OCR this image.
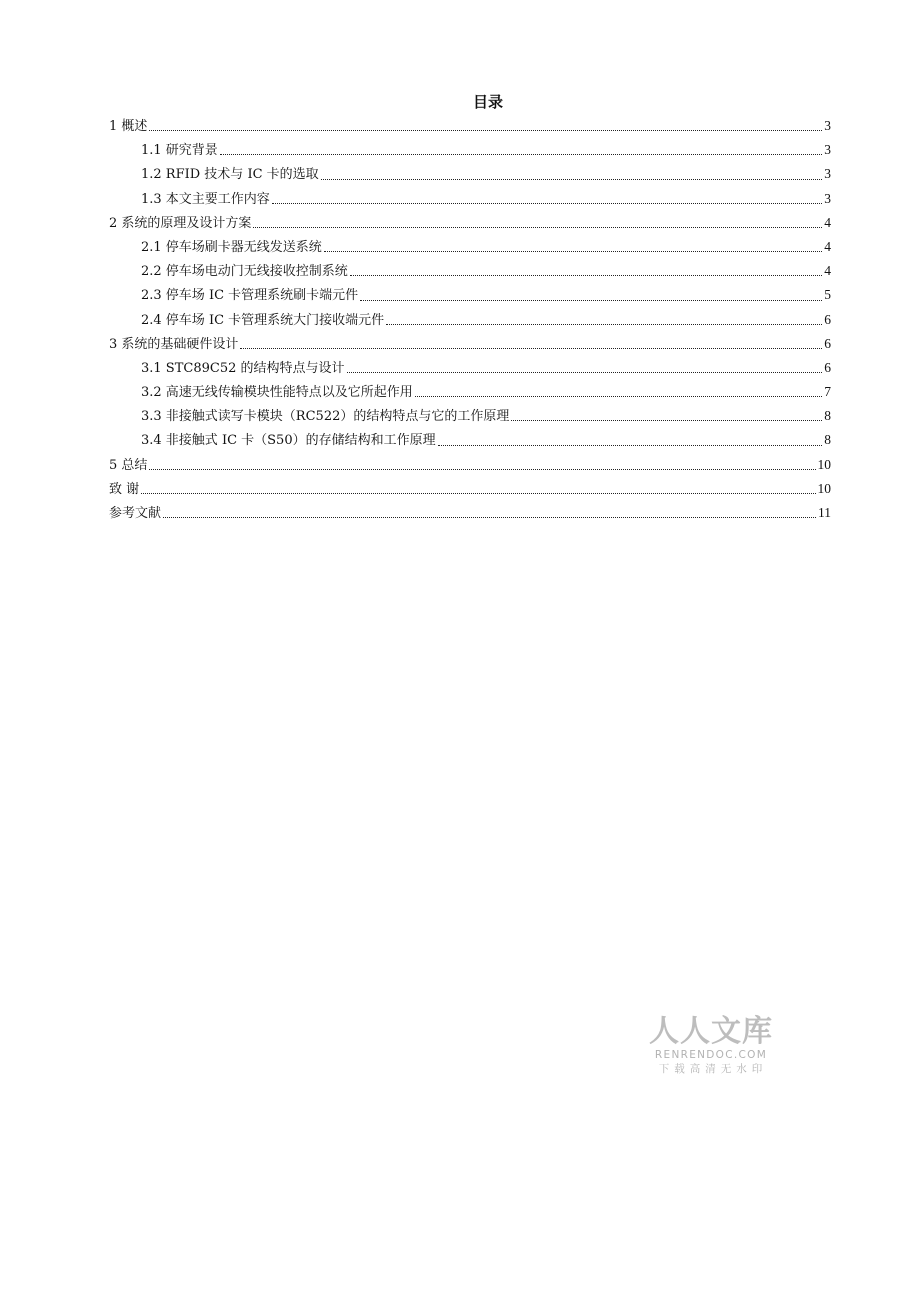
目录
1 概述	3
1.1 研究背景	3
1.2 RFID 技术与 IC 卡的选取	3
1.3 本文主要工作内容	3
2 系统的原理及设计方案	4
2.1 停车场刷卡器无线发送系统	4
2.2 停车场电动门无线接收控制系统	4
2.3 停车场 IC 卡管理系统刷卡端元件	5
2.4 停车场 IC 卡管理系统大门接收端元件	6
3 系统的基础硬件设计	6
3.1 STC89C52 的结构特点与设计	6
3.2 高速无线传输模块性能特点以及它所起作用	7
3.3 非接触式读写卡模块（RC522）的结构特点与它的工作原理	8
3.4 非接触式 IC 卡（S50）的存储结构和工作原理	8
5 总结	10
致 谢	10
参考文献	11
人人文库
RENRENDOC.COM
下载高清无水印
